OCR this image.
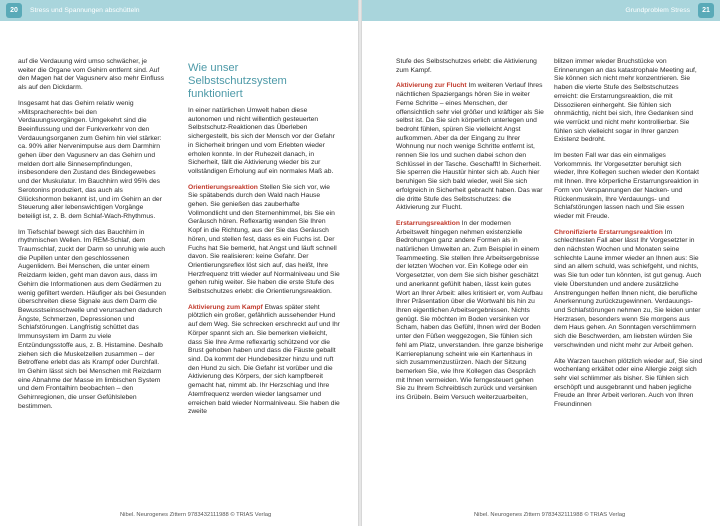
20	Stress und Spannungen abschütteln

auf die Verdauung wird umso schwächer, je weiter die Organe vom Gehirn entfernt sind. Auf den Magen hat der Vagusnerv also mehr Einfluss als auf den Dickdarm.

Insgesamt hat das Gehirn relativ wenig »Mitspracherecht« bei den Verdauungsvorgängen. Umgekehrt sind die Beeinflussung und der Funkverkehr von den Verdauungsorganen zum Gehirn hin viel stärker: ca. 90% aller Nervenimpulse aus dem Darmhirn gehen über den Vagusnerv an das Gehirn und melden dort alle Sinnesempfindungen, insbesondere den Zustand des Bindegewebes und der Muskulatur. Im Bauchhirn wird 95% des Serotonins produziert, das auch als Glückshormon bekannt ist, und im Gehirn an der Steuerung aller lebenswichtigen Vorgänge beteiligt ist, z. B. dem Schlaf-Wach-Rhythmus.

Im Tiefschlaf bewegt sich das Bauchhirn in rhythmischen Wellen. Im REM-Schlaf, dem Traumschlaf, zuckt der Darm so unruhig wie auch die Pupillen unter den geschlossenen Augenlidern. Bei Menschen, die unter einem Reizdarm leiden, geht man davon aus, dass im Gehirn die Informationen aus dem Gedärmen zu wenig gefiltert werden. Häufiger als bei Gesunden überschreiten diese Signale aus dem Darm die Bewusstseinsschwelle und verursachen dadurch Ängste, Schmerzen, Depressionen und Schlafstörungen. Langfristig schüttet das Immunsystem im Darm zu viele Entzündungsstoffe aus, z. B. Histamine. Deshalb ziehen sich die Muskelzellen zusammen – der Betroffene erlebt das als Krampf oder Durchfall. Im Gehirn lässt sich bei Menschen mit Reizdarm eine Abnahme der Masse im limbischen System und dem Frontalhirn beobachten – den Gehirnregionen, die unser Gefühlsleben bestimmen.

Wie unser Selbstschutzsystem funktioniert

In einer natürlichen Umwelt haben diese autonomen und nicht willentlich gesteuerten Selbstschutz-Reaktionen das Überleben sichergestellt, bis sich der Mensch vor der Gefahr in Sicherheit bringen und vom Erlebten wieder erholen konnte. In der Ruhezeit danach, in Sicherheit, fällt die Aktivierung wieder bis zur vollständigen Erholung auf ein normales Maß ab.

Orientierungsreaktion Stellen Sie sich vor, wie Sie spätabends durch den Wald nach Hause gehen. Sie genießen das zauberhafte Vollmondlicht und den Sternenhimmel, bis Sie ein Geräusch hören. Reflexartig wenden Sie Ihren Kopf in die Richtung, aus der Sie das Geräusch hören, und stellen fest, dass es ein Fuchs ist. Der Fuchs hat Sie bemerkt, hat Angst und läuft schnell davon. Sie realisieren: keine Gefahr. Der Orientierungsreflex löst sich auf, das heißt, Ihre Herzfrequenz tritt wieder auf Normalniveau und Sie gehen ruhig weiter. Sie haben die erste Stufe des Selbstschutzes erlebt: die Orientierungsreaktion.

Aktivierung zum Kampf Etwas später steht plötzlich ein großer, gefährlich aussehender Hund auf dem Weg. Sie schrecken erschreckt auf und Ihr Körper spannt sich an. Sie bemerken vielleicht, dass Sie Ihre Arme reflexartig schützend vor die Brust gehoben haben und dass die Fäuste geballt sind. Da kommt der Hundebesitzer hinzu und ruft den Hund zu sich. Die Gefahr ist vorüber und die Aktivierung des Körpers, der sich kampfbereit gemacht hat, nimmt ab. Ihr Herzschlag und Ihre Atemfrequenz werden wieder langsamer und erreichen bald wieder Normalniveau. Sie haben die zweite

Nibel. Neurogenes Zittern 9783432111988 © TRIAS Verlag
Grundproblem Stress	21

Stufe des Selbstschutzes erlebt: die Aktivierung zum Kampf.

Aktivierung zur Flucht Im weiteren Verlauf Ihres nächtlichen Spaziergangs hören Sie in weiter Ferne Schritte – eines Menschen, der offensichtlich sehr viel größer und kräftiger als Sie selbst ist. Da Sie sich körperlich unterlegen und bedroht fühlen, spüren Sie vielleicht Angst aufkommen. Aber da der Eingang zu Ihrer Wohnung nur noch wenige Schritte entfernt ist, rennen Sie los und suchen dabei schon den Schlüssel in der Tasche. Geschafft! In Sicherheit. Sie sperren die Haustür hinter sich ab. Auch hier beruhigen Sie sich bald wieder, weil Sie sich erfolgreich in Sicherheit gebracht haben. Das war die dritte Stufe des Selbstschutzes: die Aktivierung zur Flucht.

Erstarrungsreaktion In der modernen Arbeitswelt hingegen nehmen existenzielle Bedrohungen ganz andere Formen als in natürlichen Umwelten an. Zum Beispiel in einem Teammeeting. Sie stellen Ihre Arbeitsergebnisse der letzten Wochen vor. Ein Kollege oder ein Vorgesetzter, von dem Sie sich bisher geschätzt und anerkannt gefühlt haben, lässt kein gutes Wort an Ihrer Arbeit: alles kritisiert er, vom Aufbau Ihrer Präsentation über die Wortwahl bis hin zu Ihren eigentlichen Arbeitsergebnissen. Nichts genügt. Sie möchten im Boden versinken vor Scham, haben das Gefühl, Ihnen wird der Boden unter den Füßen weggezogen, Sie fühlen sich fehl am Platz, unverstanden. Ihre ganze bisherige Karriereplanung scheint wie ein Kartenhaus in sich zusammenzustürzen. Nach der Sitzung bemerken Sie, wie Ihre Kollegen das Gespräch mit Ihnen vermeiden. Wie ferngesteuert gehen Sie zu Ihrem Schreibtisch zurück und versinken ins Grübeln. Beim Versuch weiterzuarbeiten,

blitzen immer wieder Bruchstücke von Erinnerungen an das katastrophale Meeting auf, Sie können sich nicht mehr konzentrieren. Sie haben die vierte Stufe des Selbstschutzes erreicht: die Erstarrungsreaktion, die mit Dissoziieren einhergeht. Sie fühlen sich ohnmächtig, nicht bei sich, Ihre Gedanken sind wie verrückt und nicht mehr kontrollierbar. Sie fühlen sich vielleicht sogar in Ihrer ganzen Existenz bedroht.

Im besten Fall war das ein einmaliges Vorkommnis. Ihr Vorgesetzter beruhigt sich wieder, Ihre Kollegen suchen wieder den Kontakt mit Ihnen. Ihre körperliche Erstarrungsreaktion in Form von Verspannungen der Nacken- und Rückenmuskeln, Ihre Verdauungs- und Schlafstörungen lassen nach und Sie essen wieder mit Freude.

Chronifizierte Erstarrungsreaktion Im schlechtesten Fall aber lässt Ihr Vorgesetzter in den nächsten Wochen und Monaten seine schlechte Laune immer wieder an Ihnen aus: Sie sind an allem schuld, was schiefgeht, und nichts, was Sie tun oder tun könnten, ist gut genug. Auch viele Überstunden und andere zusätzliche Anstrengungen helfen Ihnen nicht, die berufliche Anerkennung zurückzugewinnen. Verdauungs- und Schlafstörungen nehmen zu, Sie leiden unter Herzrasen, besonders wenn Sie morgens aus dem Haus gehen. An Sonntagen verschlimmern sich die Beschwerden, am liebsten würden Sie verschwinden und nicht mehr zur Arbeit gehen.

Alte Warzen tauchen plötzlich wieder auf, Sie sind wochenlang erkältet oder eine Allergie zeigt sich sehr viel schlimmer als bisher. Sie fühlen sich erschöpft und ausgebrannt und haben jegliche Freude an Ihrer Arbeit verloren. Auch von Ihren Freundinnen

Nibel. Neurogenes Zittern 9783432111988 © TRIAS Verlag
